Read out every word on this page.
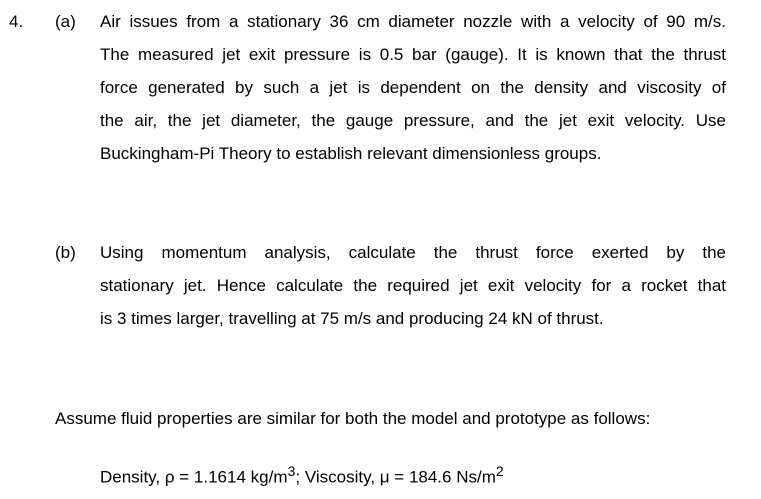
4. (a) Air issues from a stationary 36 cm diameter nozzle with a velocity of 90 m/s.
The measured jet exit pressure is 0.5 bar (gauge). It is known that the thrust
force generated by such a jet is dependent on the density and viscosity of
the air, the jet diameter, the gauge pressure, and the jet exit velocity. Use
Buckingham-Pi Theory to establish relevant dimensionless groups.
(b) Using momentum analysis, calculate the thrust force exerted by the
stationary jet. Hence calculate the required jet exit velocity for a rocket that
is 3 times larger, travelling at 75 m/s and producing 24 kN of thrust.
Assume fluid properties are similar for both the model and prototype as follows:
Density, ρ = 1.1614 $kg/m^3$; Viscosity, μ = 184.6 $Ns/m^2$
